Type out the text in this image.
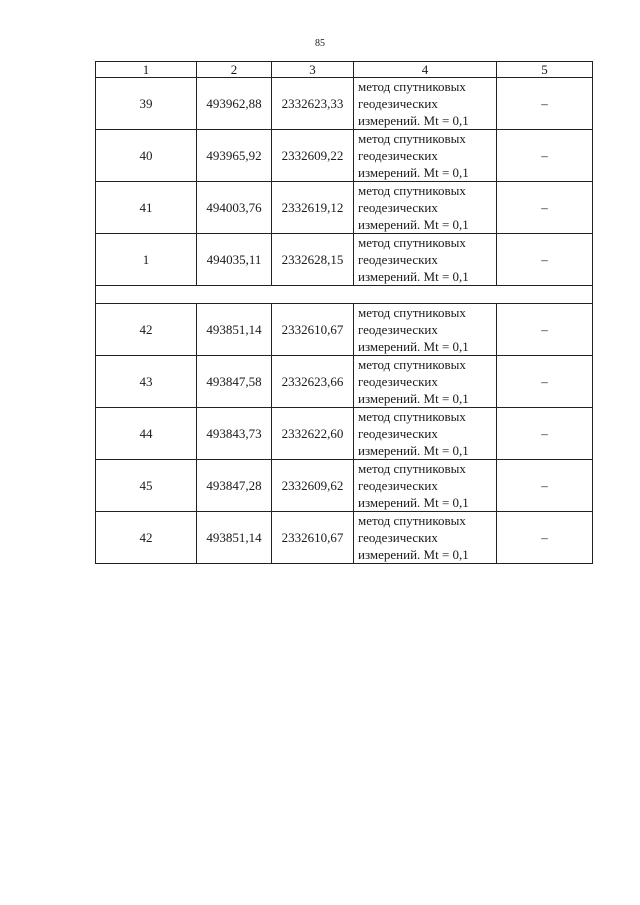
85
1	2	3	4	5
39	493962,88	2332623,33	метод спутниковых
геодезических
измерений. Mt = 0,1	–
40	493965,92	2332609,22	метод спутниковых
геодезических
измерений. Mt = 0,1	–
41	494003,76	2332619,12	метод спутниковых
геодезических
измерений. Mt = 0,1	–
1	494035,11	2332628,15	метод спутниковых
геодезических
измерений. Mt = 0,1	–

42	493851,14	2332610,67	метод спутниковых
геодезических
измерений. Mt = 0,1	–
43	493847,58	2332623,66	метод спутниковых
геодезических
измерений. Mt = 0,1	–
44	493843,73	2332622,60	метод спутниковых
геодезических
измерений. Mt = 0,1	–
45	493847,28	2332609,62	метод спутниковых
геодезических
измерений. Mt = 0,1	–
42	493851,14	2332610,67	метод спутниковых
геодезических
измерений. Mt = 0,1	–
